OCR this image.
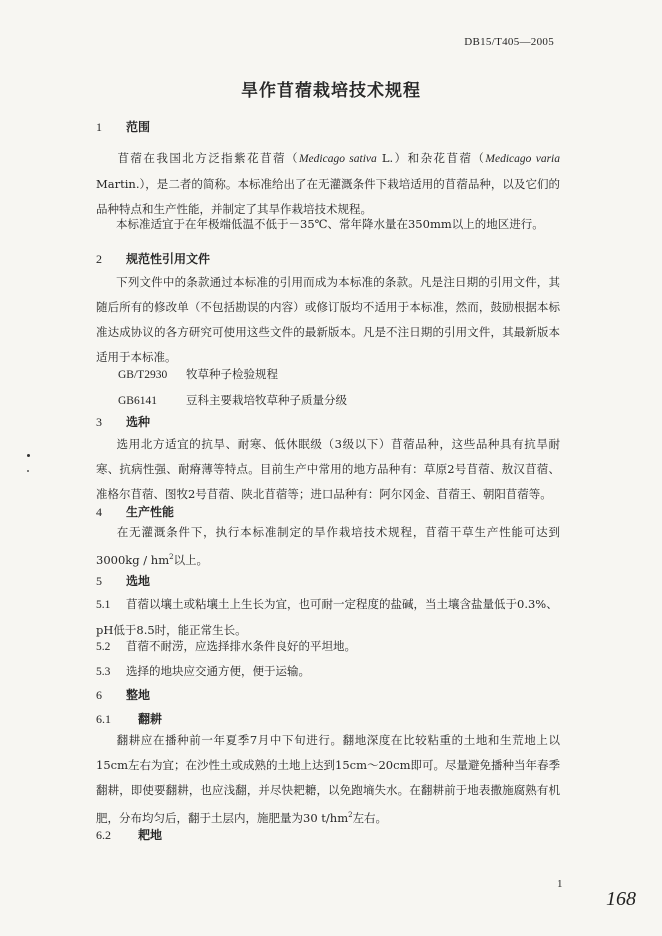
DB15/T405—2005
旱作苜蓿栽培技术规程
1 范围
苜蓿在我国北方泛指紫花苜蓿（Medicago sativa L.）和杂花苜蓿（Medicago varia Martin.），是二者的简称。本标准给出了在无灌溉条件下栽培适用的苜蓿品种，以及它们的品种特点和生产性能，并制定了其旱作栽培技术规程。
本标准适宜于在年极端低温不低于－35℃、常年降水量在350mm以上的地区进行。
2 规范性引用文件
下列文件中的条款通过本标准的引用而成为本标准的条款。凡是注日期的引用文件，其随后所有的修改单（不包括勘误的内容）或修订版均不适用于本标准，然而，鼓励根据本标准达成协议的各方研究可使用这些文件的最新版本。凡是不注日期的引用文件，其最新版本适用于本标准。
GB/T2930 牧草种子检验规程
GB6141	豆科主要栽培牧草种子质量分级
3 选种
选用北方适宜的抗旱、耐寒、低休眠级（3级以下）苜蓿品种，这些品种具有抗旱耐寒、抗病性强、耐瘠薄等特点。目前生产中常用的地方品种有：草原2号苜蓿、敖汉苜蓿、准格尔苜蓿、图牧2号苜蓿、陕北苜蓿等；进口品种有：阿尔冈金、苜蓿王、朝阳苜蓿等。
4 生产性能
在无灌溉条件下，执行本标准制定的旱作栽培技术规程，苜蓿干草生产性能可达到$3000kg / hm^2$以上。
5 选地
5.1 苜蓿以壤土或粘壤土上生长为宜，也可耐一定程度的盐碱，当土壤含盐量低于0.3%、pH低于8.5时，能正常生长。
5.2 苜蓿不耐涝，应选择排水条件良好的平坦地。
5.3 选择的地块应交通方便，便于运输。
6 整地
6.1 翻耕
翻耕应在播种前一年夏季7月中下旬进行。翻地深度在比较粘重的土地和生荒地上以15cm左右为宜；在沙性土或成熟的土地上达到15cm～20cm即可。尽量避免播种当年春季翻耕，即使要翻耕，也应浅翻，并尽快耙耱，以免跑墒失水。在翻耕前于地表撒施腐熟有机肥，分布均匀后，翻于土层内，施肥量为30 $t/hm^2$左右。
6.2 耙地
1
168
